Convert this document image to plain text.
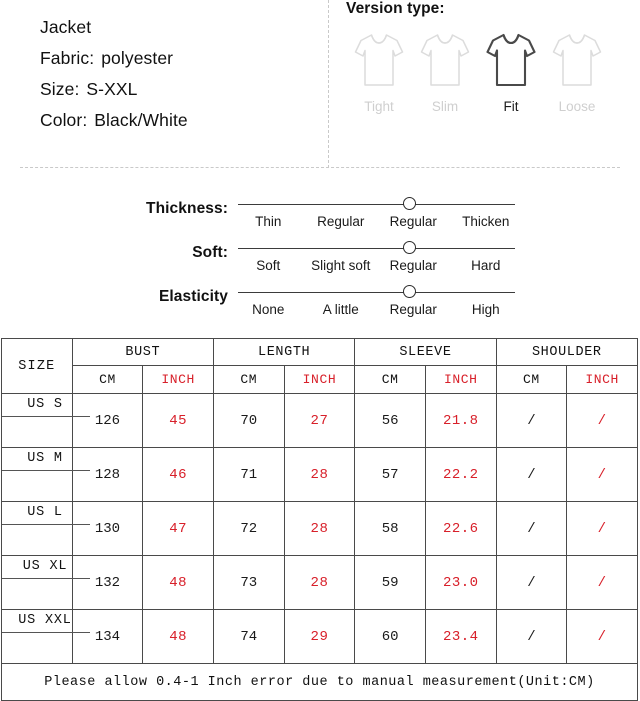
Jacket
Fabric: polyester
Size: S-XXL
Color: Black/White
Version type:
Tight	Slim	Fit	Loose
Thickness:
Thin	Regular	Regular	Thicken
Soft:
Soft	Slight soft	Regular	Hard
Elasticity
None	A little	Regular	High
SIZE	BUST		LENGTH		SLEEVE		SHOULDER	
	CM	INCH	CM	INCH	CM	INCH	CM	INCH
US S	126	45	70	27	56	21.8	/	/
US M	128	46	71	28	57	22.2	/	/
US L	130	47	72	28	58	22.6	/	/
US XL	132	48	73	28	59	23.0	/	/
US XXL	134	48	74	29	60	23.4	/	/
Please allow 0.4-1 Inch error due to manual measurement(Unit:CM)								
